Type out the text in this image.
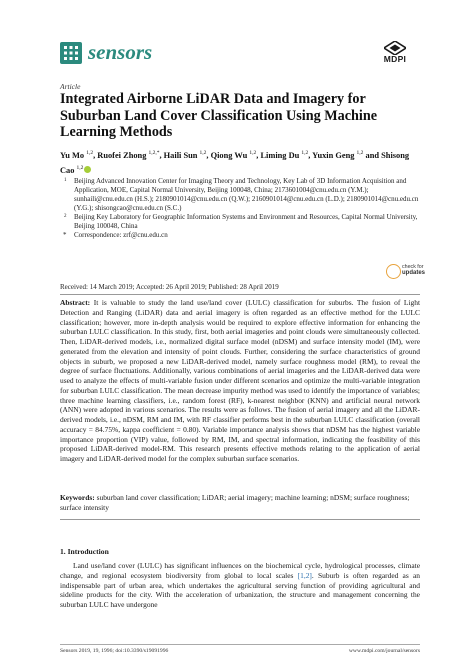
sensors	MDPI
Article
Integrated Airborne LiDAR Data and Imagery for Suburban Land Cover Classification Using Machine Learning Methods
Yu Mo $^{1,2}$, Ruofei Zhong $^{1,2,*}$, Haili Sun $^{1,2}$, Qiong Wu $^{1,2}$, Liming Du $^{1,2}$, Yuxin Geng $^{1,2}$ and Shisong Cao $^{1,2}$
1 Beijing Advanced Innovation Center for Imaging Theory and Technology, Key Lab of 3D Information Acquisition and Application, MOE, Capital Normal University, Beijing 100048, China; 2173601004@cnu.edu.cn (Y.M.); sunhaili@cnu.edu.cn (H.S.); 2180901014@cnu.edu.cn (Q.W.); 2160901014@cnu.edu.cn (L.D.); 2180901014@cnu.edu.cn (Y.G.); shisongcao@cnu.edu.cn (S.C.)
2 Beijing Key Laboratory for Geographic Information Systems and Environment and Resources, Capital Normal University, Beijing 100048, China
* Correspondence: zrf@cnu.edu.cn
check for
updates
Received: 14 March 2019; Accepted: 26 April 2019; Published: 28 April 2019
Abstract: It is valuable to study the land use/land cover (LULC) classification for suburbs. The fusion of Light Detection and Ranging (LiDAR) data and aerial imagery is often regarded as an effective method for the LULC classification; however, more in-depth analysis would be required to explore effective information for enhancing the suburban LULC classification. In this study, first, both aerial imageries and point clouds were simultaneously collected. Then, LiDAR-derived models, i.e., normalized digital surface model (nDSM) and surface intensity model (IM), were generated from the elevation and intensity of point clouds. Further, considering the surface characteristics of ground objects in suburb, we proposed a new LiDAR-derived model, namely surface roughness model (RM), to reveal the degree of surface fluctuations. Additionally, various combinations of aerial imageries and the LiDAR-derived data were used to analyze the effects of multi-variable fusion under different scenarios and optimize the multi-variable integration for suburban LULC classification. The mean decrease impurity method was used to identify the importance of variables; three machine learning classifiers, i.e., random forest (RF), k-nearest neighbor (KNN) and artificial neural network (ANN) were adopted in various scenarios. The results were as follows. The fusion of aerial imagery and all the LiDAR-derived models, i.e., nDSM, RM and IM, with RF classifier performs best in the suburban LULC classification (overall accuracy = 84.75%, kappa coefficient = 0.80). Variable importance analysis shows that nDSM has the highest variable importance proportion (VIP) value, followed by RM, IM, and spectral information, indicating the feasibility of this proposed LiDAR-derived model-RM. This research presents effective methods relating to the application of aerial imagery and LiDAR-derived model for the complex suburban surface scenarios.
Keywords: suburban land cover classification; LiDAR; aerial imagery; machine learning; nDSM; surface roughness; surface intensity
1. Introduction
Land use/land cover (LULC) has significant influences on the biochemical cycle, hydrological processes, climate change, and regional ecosystem biodiversity from global to local scales [1,2]. Suburb is often regarded as an indispensable part of urban area, which undertakes the agricultural serving function of providing agricultural and sideline products for the city. With the acceleration of urbanization, the structure and management concerning the suburban LULC have undergone
Sensors 2019, 19, 1996; doi:10.3390/s19091996	www.mdpi.com/journal/sensors
